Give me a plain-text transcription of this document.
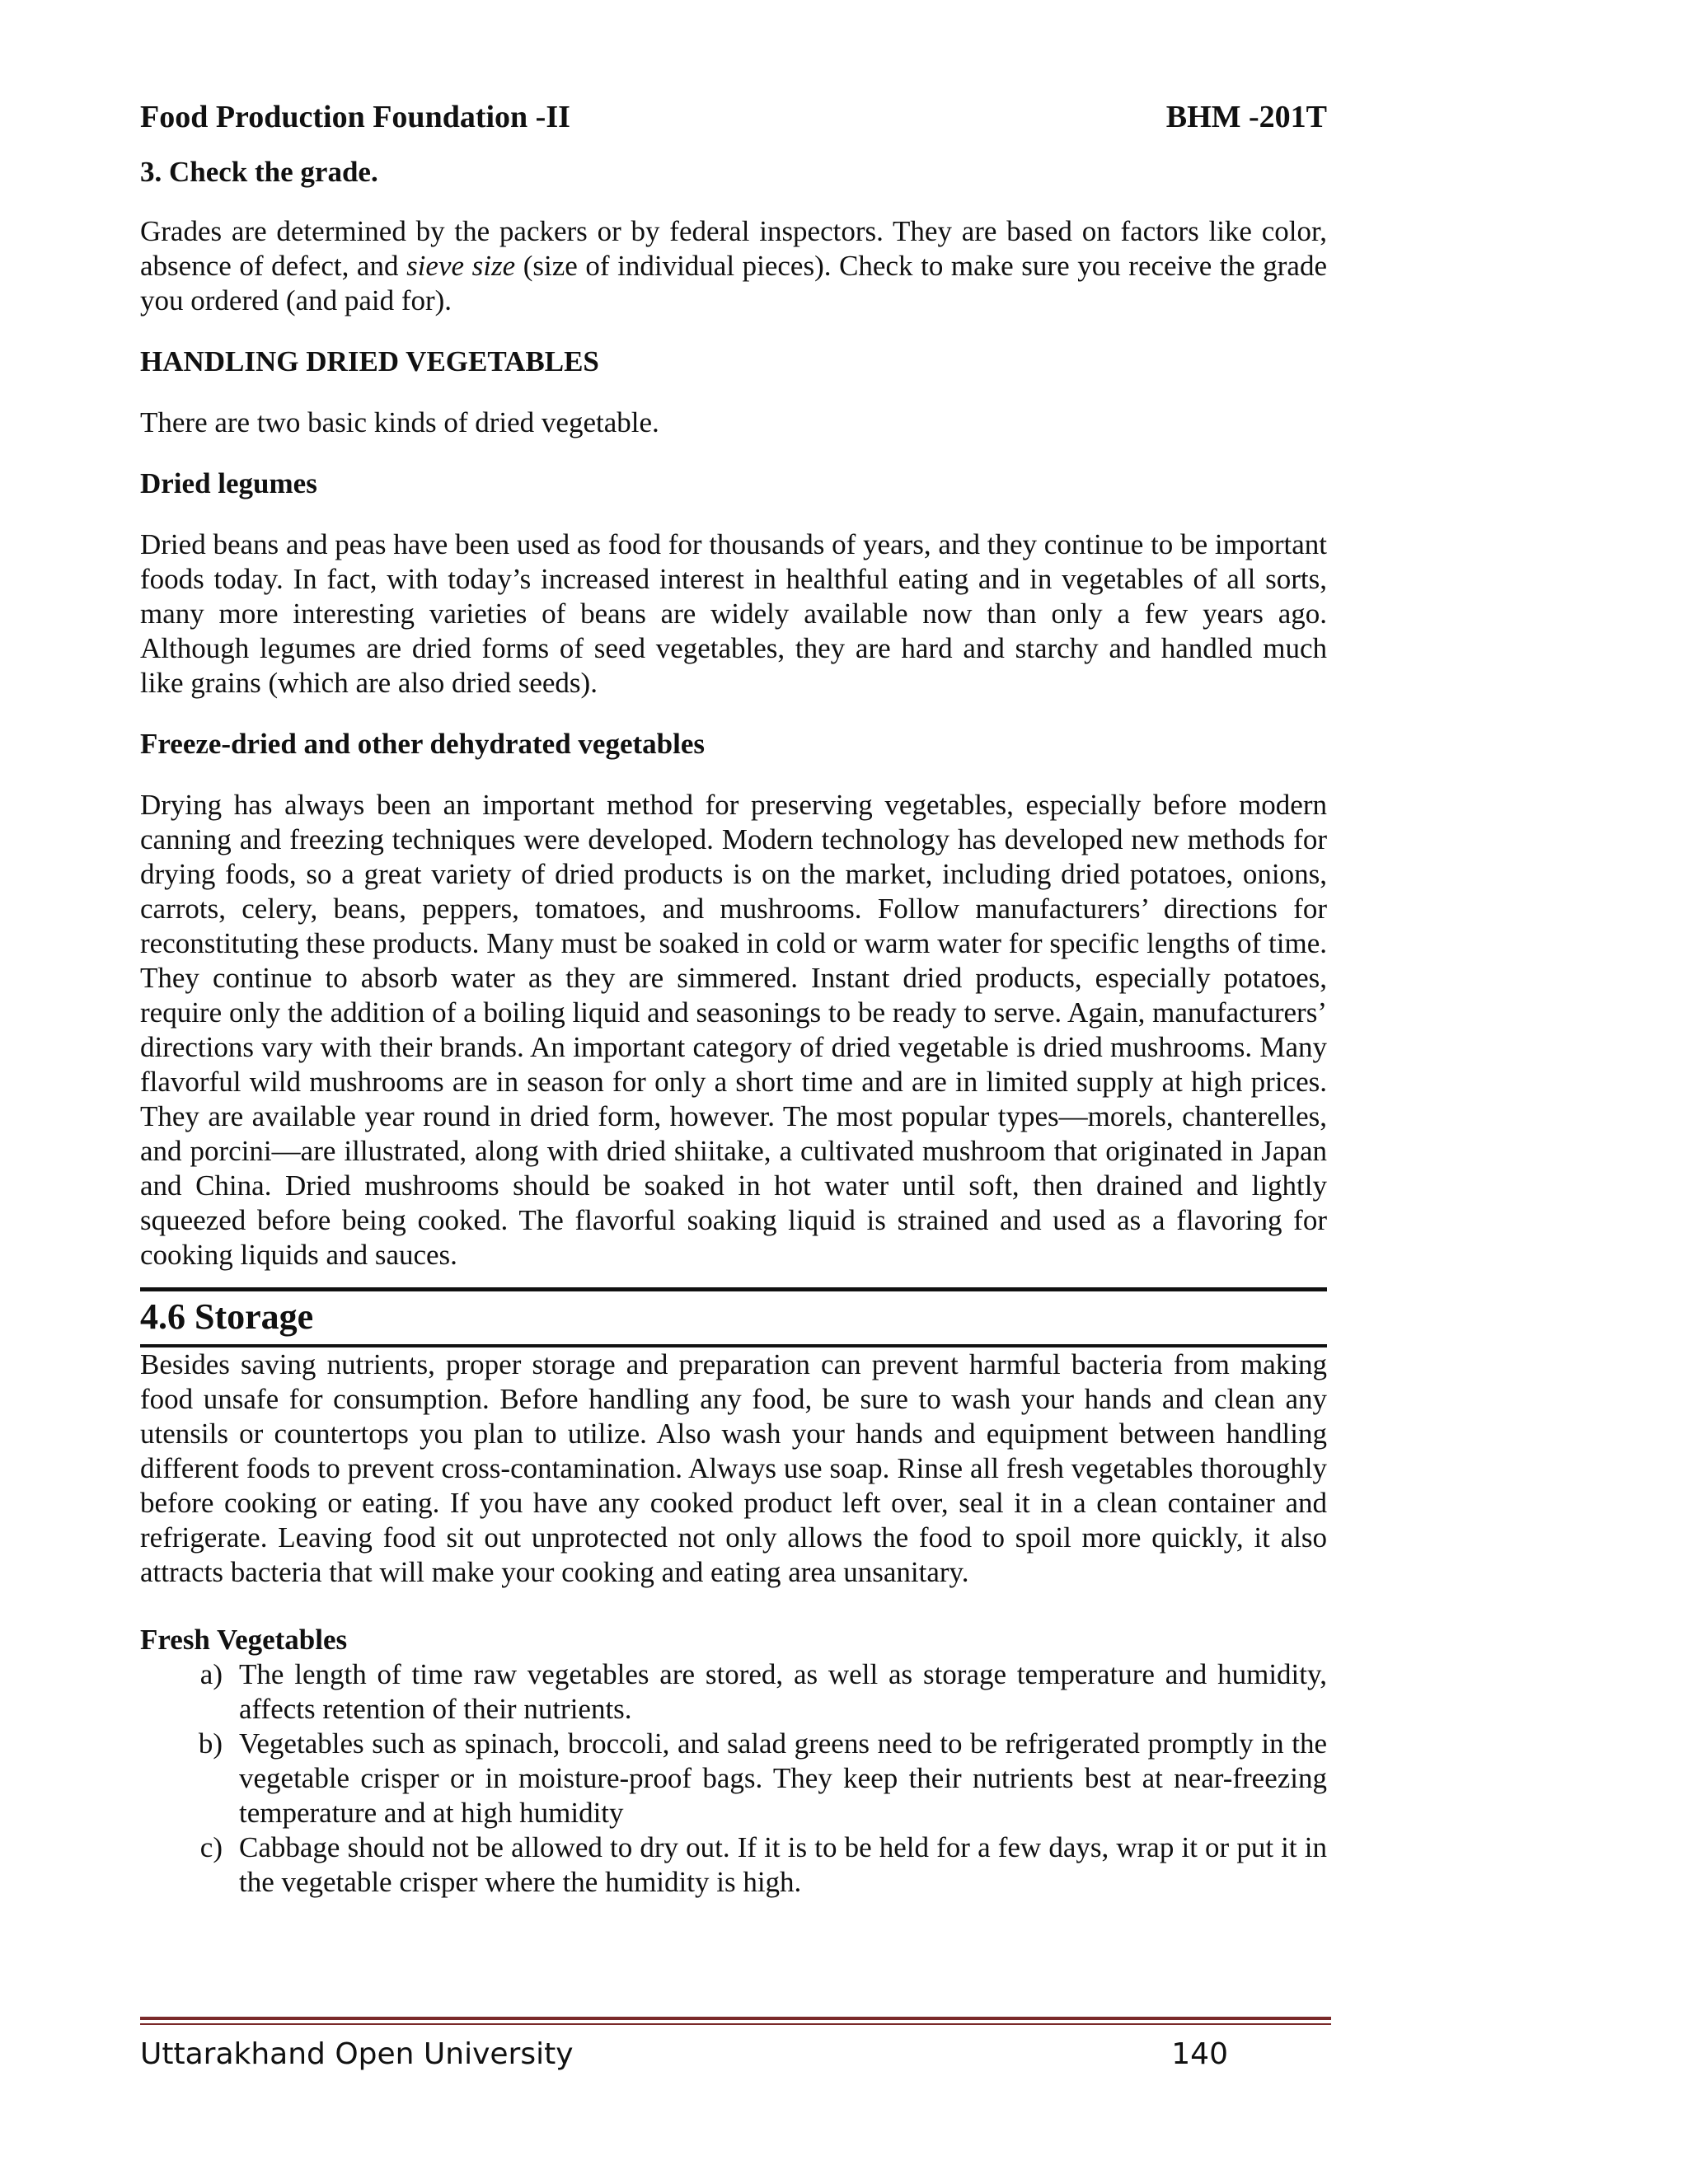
Food Production Foundation -II	BHM -201T
3. Check the grade.

Grades are determined by the packers or by federal inspectors. They are based on factors like color, absence of defect, and sieve size (size of individual pieces). Check to make sure you receive the grade you ordered (and paid for).

HANDLING DRIED VEGETABLES

There are two basic kinds of dried vegetable.

Dried legumes

Dried beans and peas have been used as food for thousands of years, and they continue to be important foods today. In fact, with today’s increased interest in healthful eating and in vegetables of all sorts, many more interesting varieties of beans are widely available now than only a few years ago. Although legumes are dried forms of seed vegetables, they are hard and starchy and handled much like grains (which are also dried seeds).

Freeze-dried and other dehydrated vegetables

Drying has always been an important method for preserving vegetables, especially before modern canning and freezing techniques were developed. Modern technology has developed new methods for drying foods, so a great variety of dried products is on the market, including dried potatoes, onions, carrots, celery, beans, peppers, tomatoes, and mushrooms. Follow manufacturers’ directions for reconstituting these products. Many must be soaked in cold or warm water for specific lengths of time. They continue to absorb water as they are simmered. Instant dried products, especially potatoes, require only the addition of a boiling liquid and seasonings to be ready to serve. Again, manufacturers’ directions vary with their brands. An important category of dried vegetable is dried mushrooms. Many flavorful wild mushrooms are in season for only a short time and are in limited supply at high prices. They are available year round in dried form, however. The most popular types—morels, chanterelles, and porcini—are illustrated, along with dried shiitake, a cultivated mushroom that originated in Japan and China. Dried mushrooms should be soaked in hot water until soft, then drained and lightly squeezed before being cooked. The flavorful soaking liquid is strained and used as a flavoring for cooking liquids and sauces.

4.6 Storage

Besides saving nutrients, proper storage and preparation can prevent harmful bacteria from making food unsafe for consumption. Before handling any food, be sure to wash your hands and clean any utensils or countertops you plan to utilize. Also wash your hands and equipment between handling different foods to prevent cross-contamination. Always use soap. Rinse all fresh vegetables thoroughly before cooking or eating. If you have any cooked product left over, seal it in a clean container and refrigerate. Leaving food sit out unprotected not only allows the food to spoil more quickly, it also attracts bacteria that will make your cooking and eating area unsanitary.

Fresh Vegetables
a) The length of time raw vegetables are stored, as well as storage temperature and humidity, affects retention of their nutrients.
b) Vegetables such as spinach, broccoli, and salad greens need to be refrigerated promptly in the vegetable crisper or in moisture-proof bags. They keep their nutrients best at near-freezing temperature and at high humidity
c) Cabbage should not be allowed to dry out. If it is to be held for a few days, wrap it or put it in the vegetable crisper where the humidity is high.
Uttarakhand Open University	140
